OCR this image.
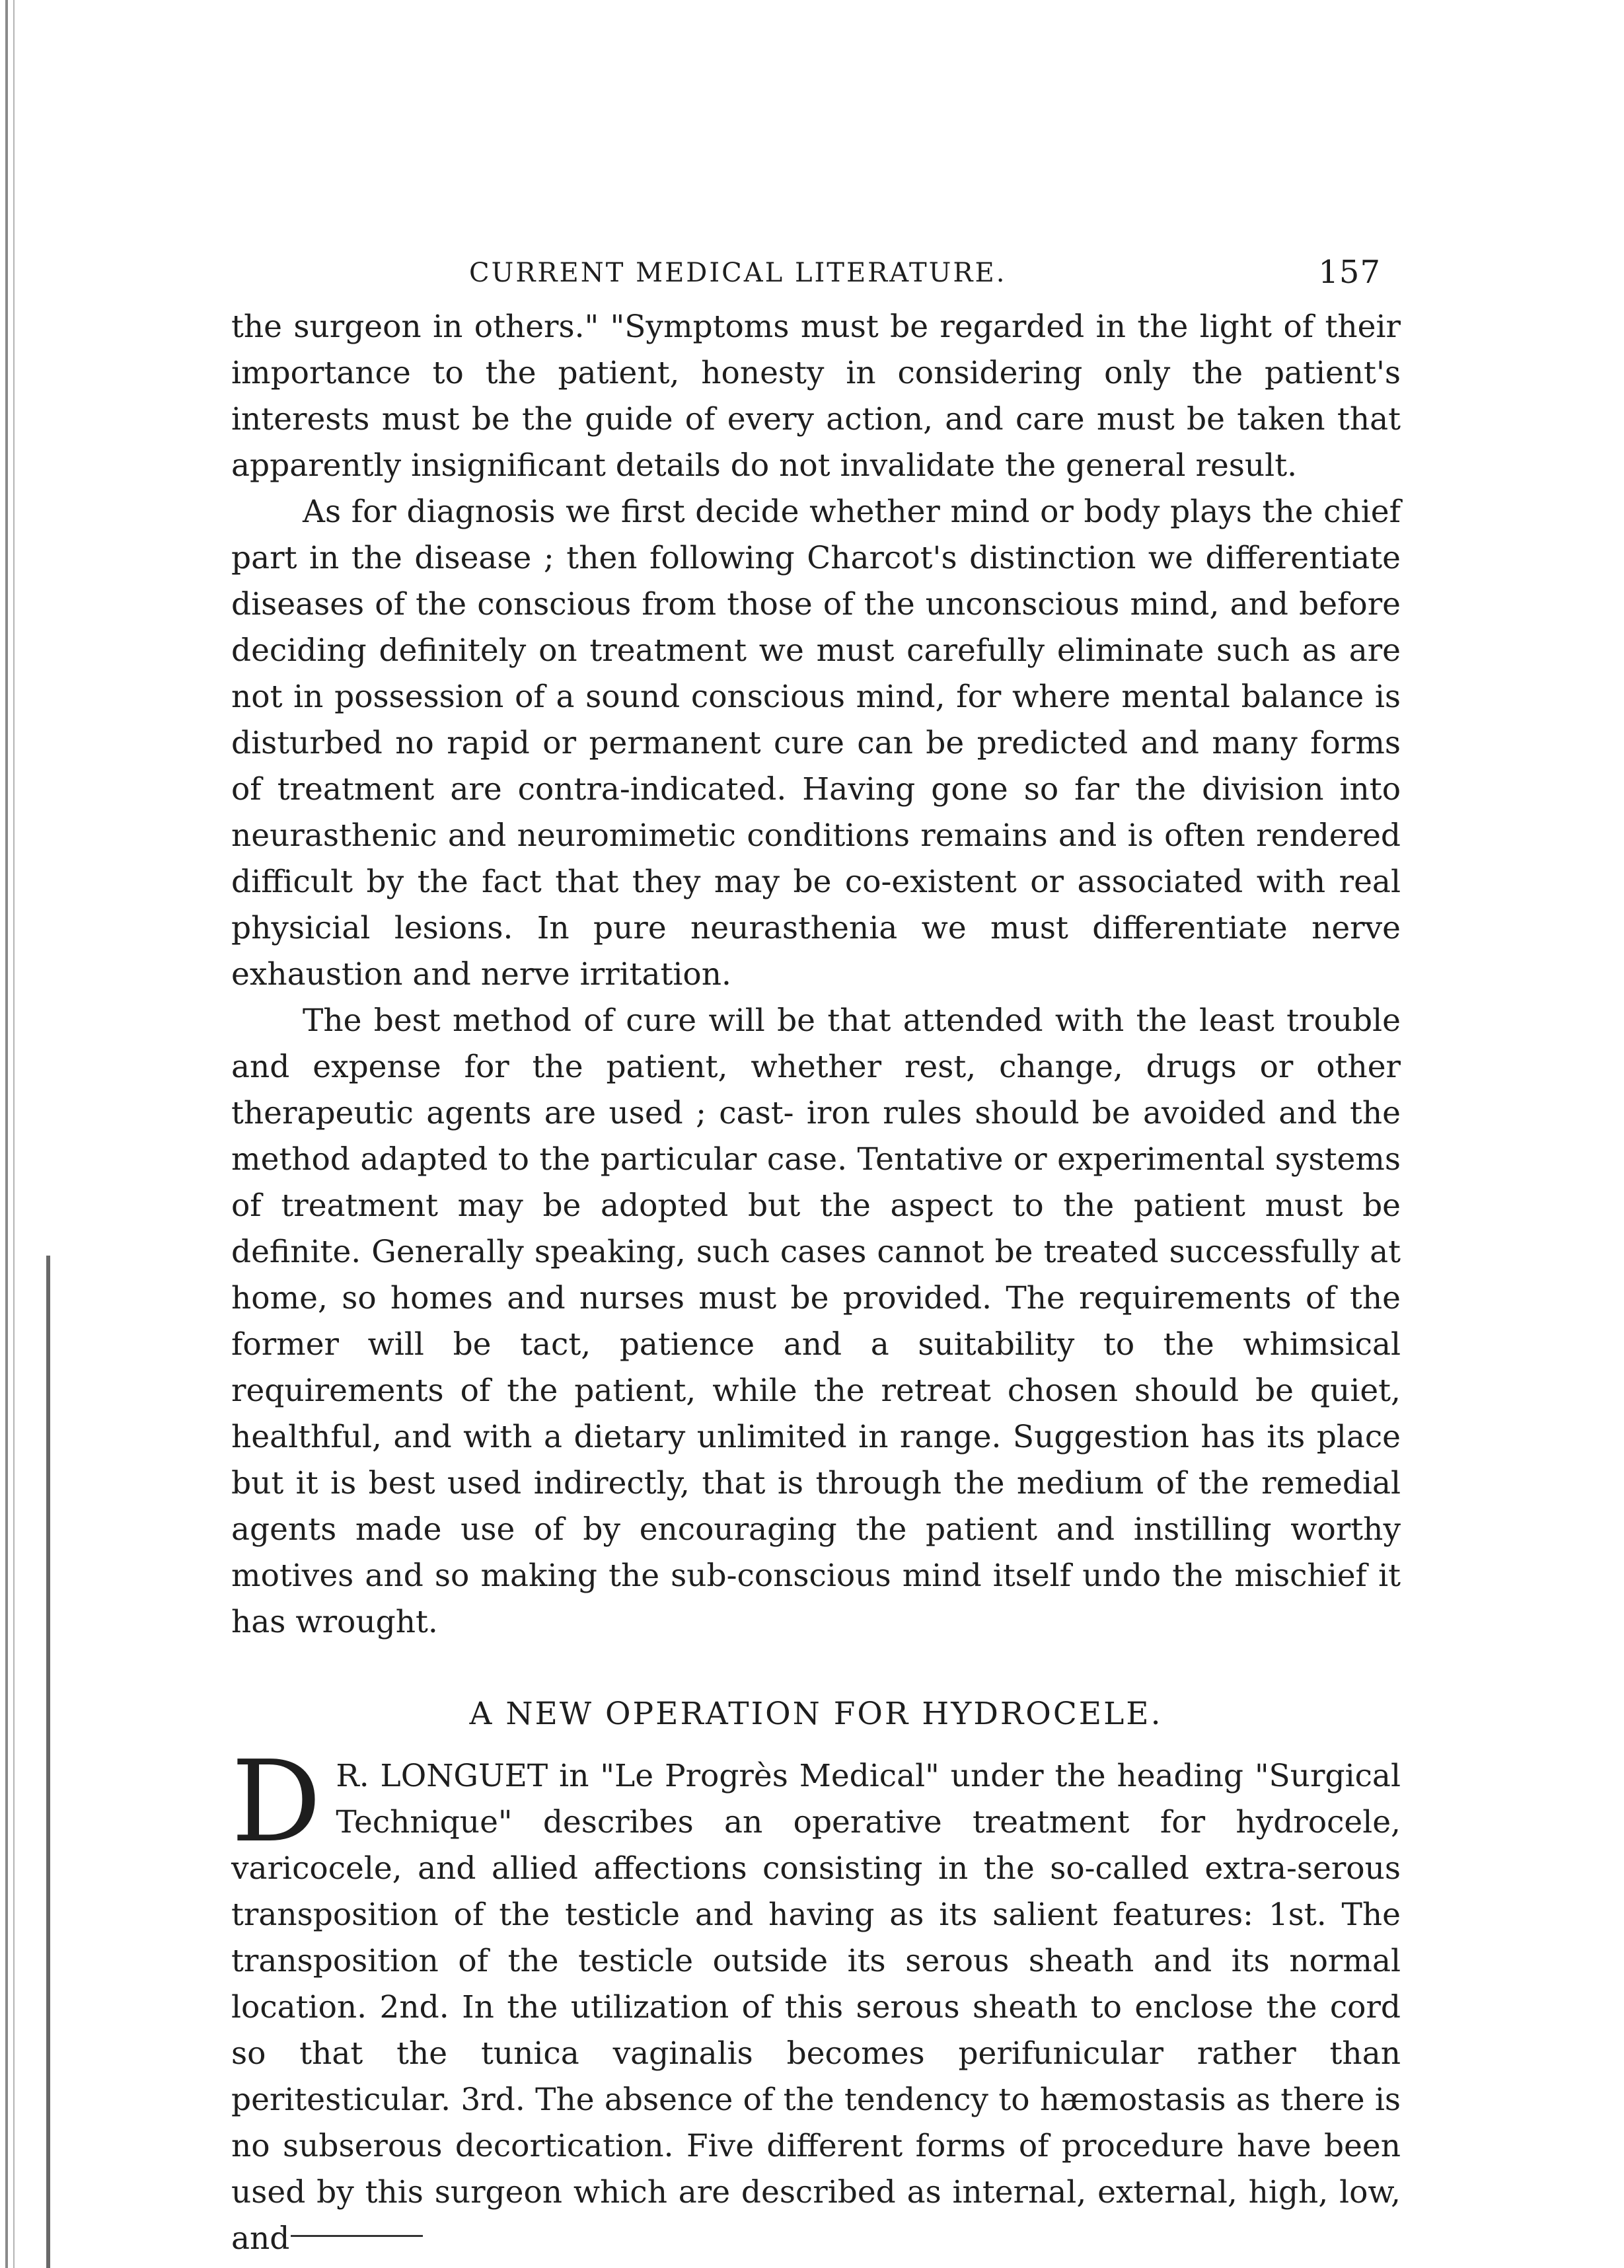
CURRENT MEDICAL LITERATURE.	157

the surgeon in others." "Symptoms must be regarded in the light of their importance to the patient, honesty in considering only the patient's interests must be the guide of every action, and care must be taken that apparently insignificant details do not invalidate the general result.

As for diagnosis we first decide whether mind or body plays the chief part in the disease ; then following Charcot's distinction we differentiate diseases of the conscious from those of the unconscious mind, and before deciding definitely on treatment we must carefully eliminate such as are not in possession of a sound conscious mind, for where mental balance is disturbed no rapid or permanent cure can be predicted and many forms of treatment are contra-indicated. Having gone so far the division into neurasthenic and neuromimetic conditions remains and is often rendered difficult by the fact that they may be co-existent or associated with real physicial lesions. In pure neurasthenia we must differentiate nerve exhaustion and nerve irritation.

The best method of cure will be that attended with the least trouble and expense for the patient, whether rest, change, drugs or other therapeutic agents are used ; cast- iron rules should be avoided and the method adapted to the particular case. Tentative or experimental systems of treatment may be adopted but the aspect to the patient must be definite. Generally speaking, such cases cannot be treated successfully at home, so homes and nurses must be provided. The requirements of the former will be tact, patience and a suitability to the whimsical requirements of the patient, while the retreat chosen should be quiet, healthful, and with a dietary unlimited in range. Suggestion has its place but it is best used indirectly, that is through the medium of the remedial agents made use of by encouraging the patient and instilling worthy motives and so making the sub-conscious mind itself undo the mischief it has wrought.

A NEW OPERATION FOR HYDROCELE.

D R. LONGUET in "Le Progrès Medical" under the heading "Surgical Technique" describes an operative treatment for hydrocele, varicocele, and allied affections consisting in the so-called extra-serous transposition of the testicle and having as its salient features: 1st. The transposition of the testicle outside its serous sheath and its normal location. 2nd. In the utilization of this serous sheath to enclose the cord so that the tunica vaginalis becomes perifunicular rather than peritesticular. 3rd. The absence of the tendency to hæmostasis as there is no subserous decortication. Five different forms of procedure have been used by this surgeon which are described as internal, external, high, low, and
